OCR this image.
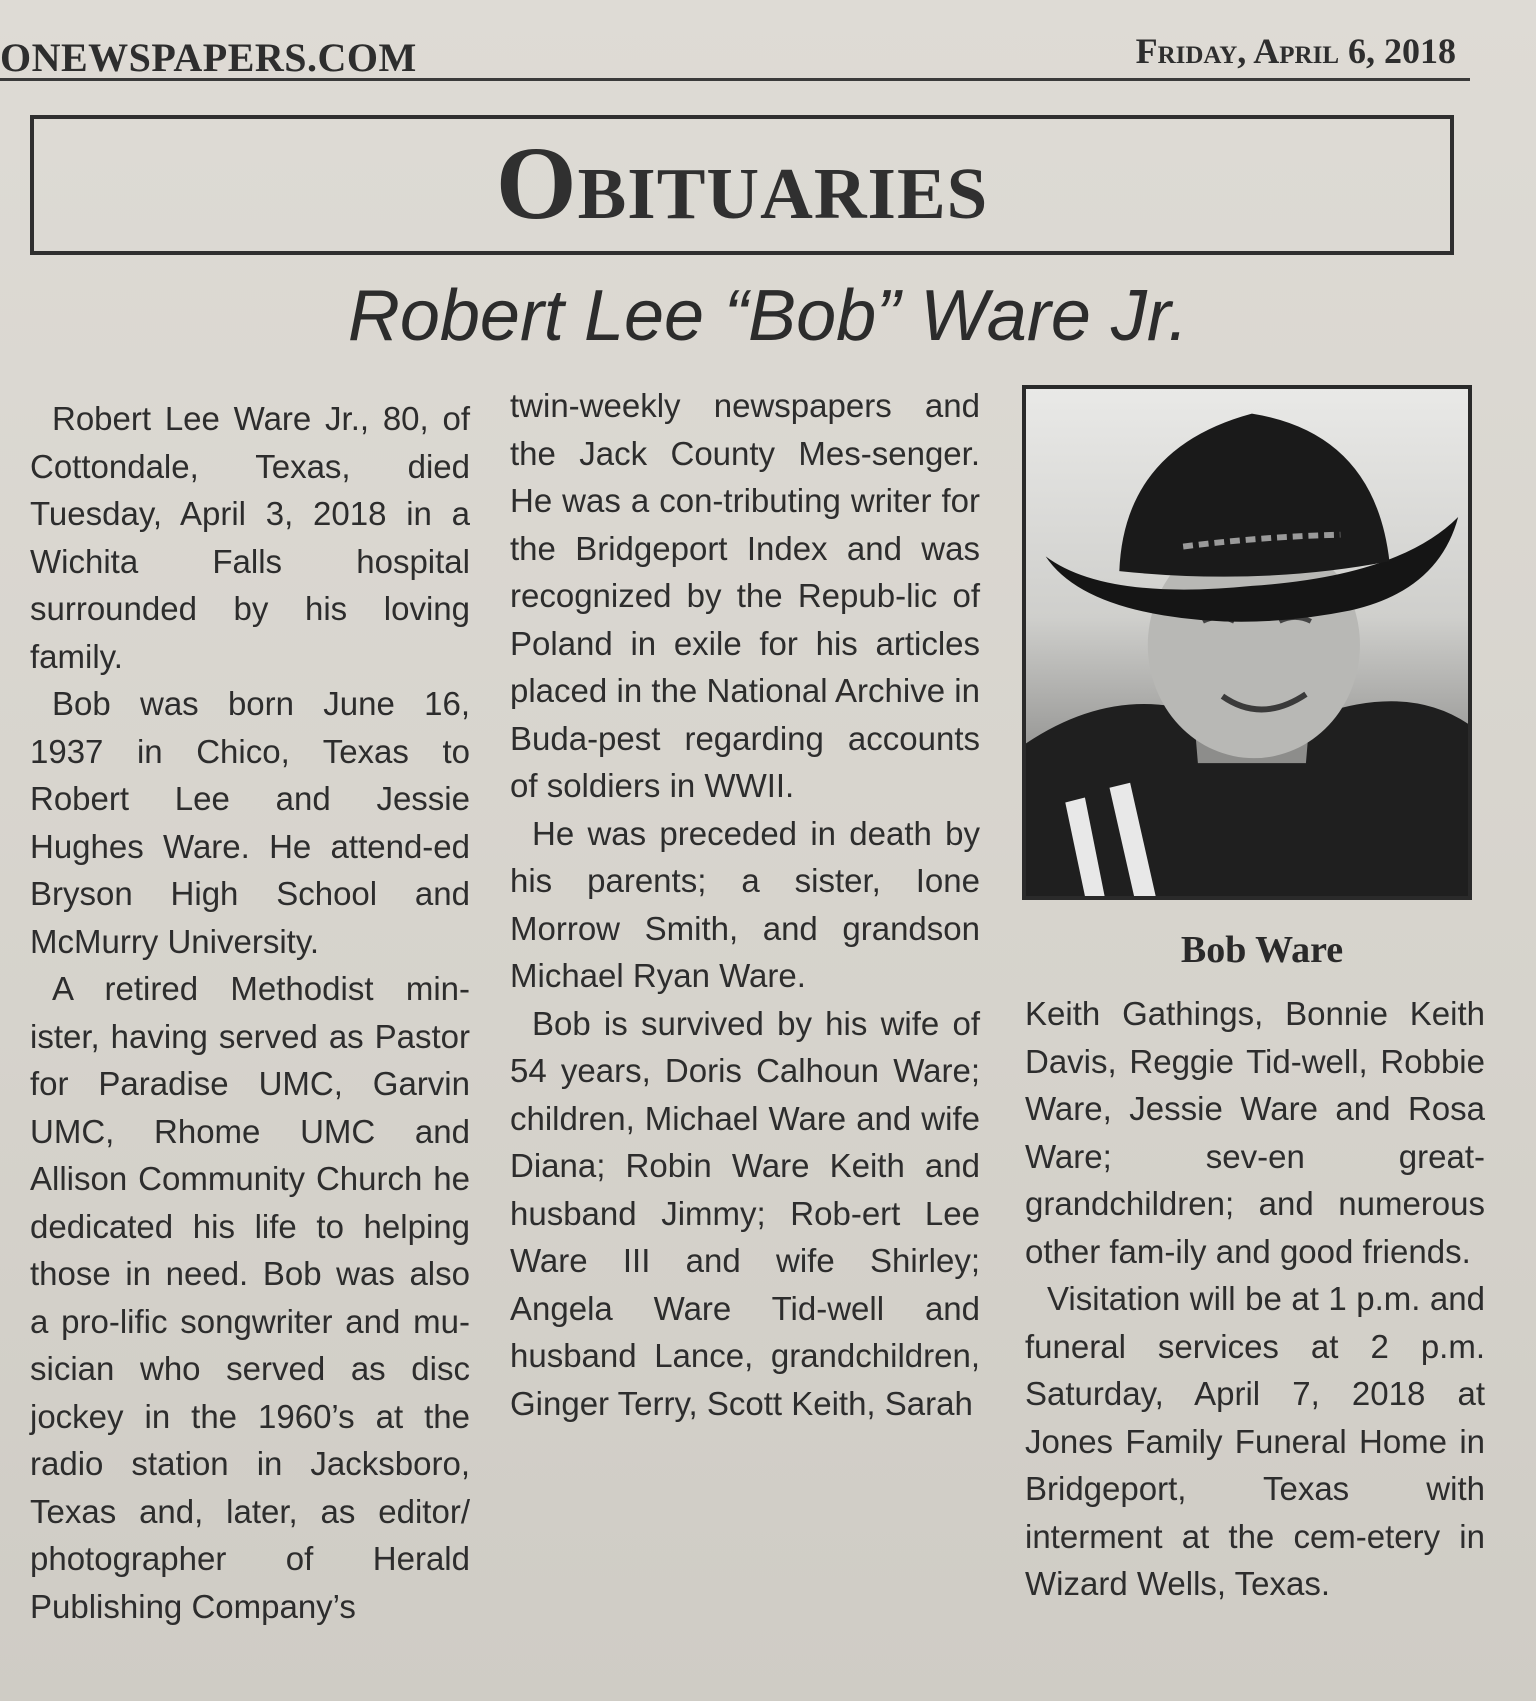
ONEWSPAPERS.COM	Friday, April 6, 2018
Obituaries
Robert Lee “Bob” Ware Jr.

Robert Lee Ware Jr., 80, of Cottondale, Texas, died Tuesday, April 3, 2018 in a Wichita Falls hospital surrounded by his loving family.

Bob was born June 16, 1937 in Chico, Texas to Robert Lee and Jessie Hughes Ware. He attend-ed Bryson High School and McMurry University.

A retired Methodist min-ister, having served as Pastor for Paradise UMC, Garvin UMC, Rhome UMC and Allison Community Church he dedicated his life to helping those in need. Bob was also a pro-lific songwriter and mu-sician who served as disc jockey in the 1960’s at the radio station in Jacksboro, Texas and, later, as editor/ photographer of Herald Publishing Company’s

twin-weekly newspapers and the Jack County Mes-senger. He was a con-tributing writer for the Bridgeport Index and was recognized by the Repub-lic of Poland in exile for his articles placed in the National Archive in Buda-pest regarding accounts of soldiers in WWII.

He was preceded in death by his parents; a sister, Ione Morrow Smith, and grandson Michael Ryan Ware.

Bob is survived by his wife of 54 years, Doris Calhoun Ware; children, Michael Ware and wife Diana; Robin Ware Keith and husband Jimmy; Rob-ert Lee Ware III and wife Shirley; Angela Ware Tid-well and husband Lance, grandchildren, Ginger Terry, Scott Keith, Sarah

Bob Ware

Keith Gathings, Bonnie Keith Davis, Reggie Tid-well, Robbie Ware, Jessie Ware and Rosa Ware; sev-en great-grandchildren; and numerous other fam-ily and good friends.

Visitation will be at 1 p.m. and funeral services at 2 p.m. Saturday, April 7, 2018 at Jones Family Funeral Home in Bridgeport, Texas with interment at the cem-etery in Wizard Wells, Texas.
